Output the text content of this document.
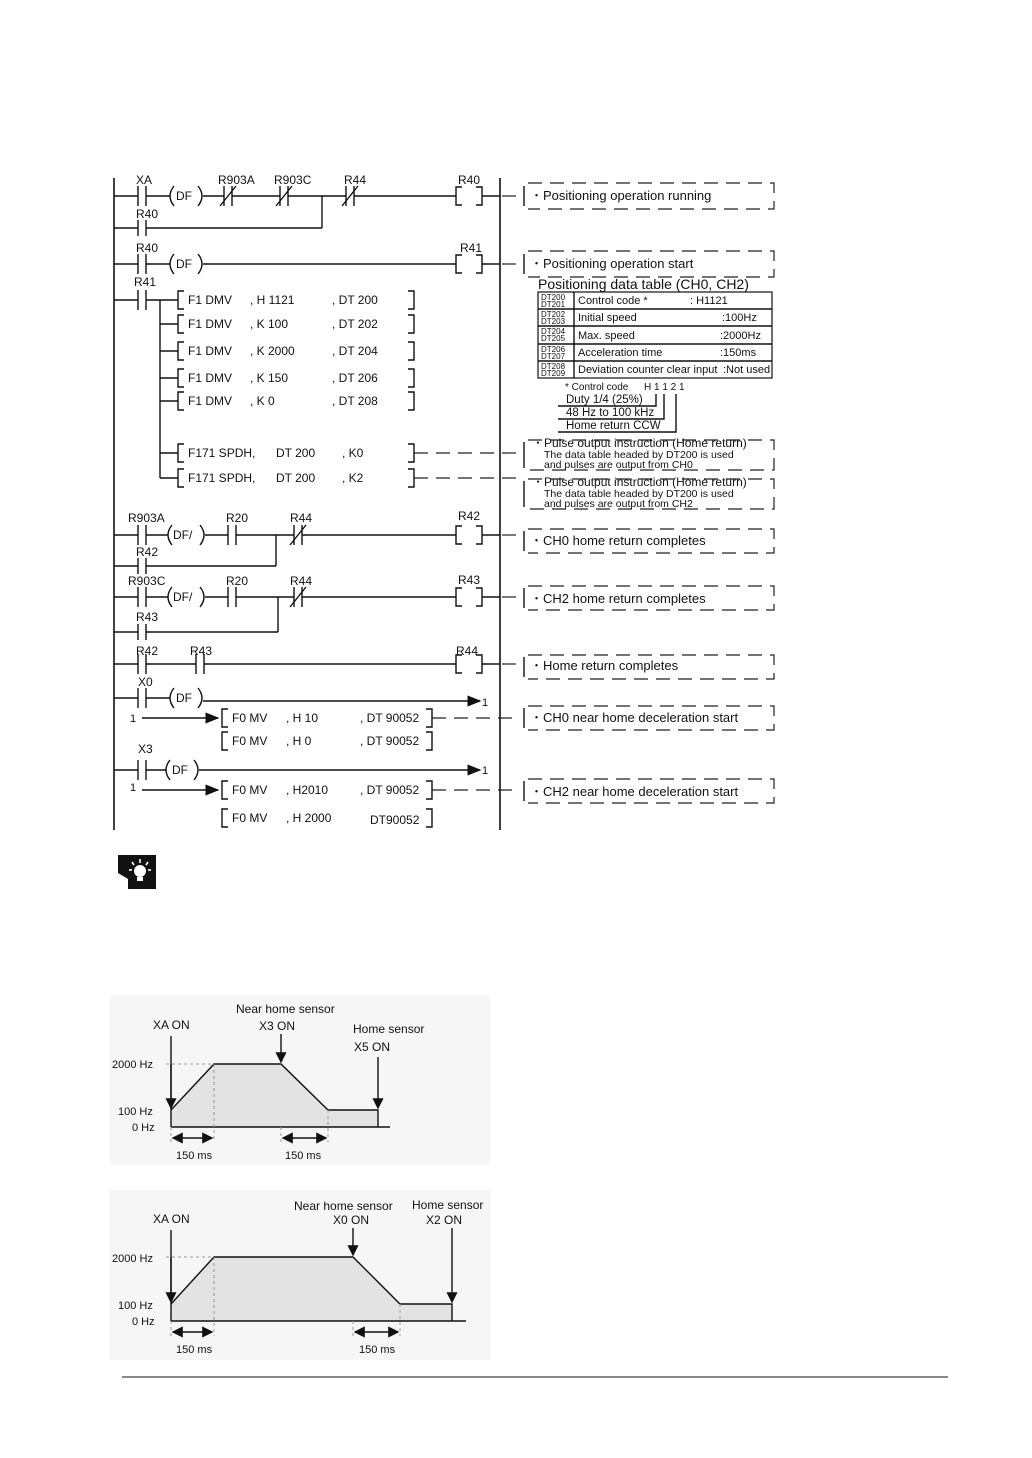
XA
DF
R903A R903C	R44	R40
R40
・Positioning operation running
R40
DF
R41
・Positioning operation start
R41
F1 DMV , H 1121	, DT 200
F1 DMV , K 100	, DT 202
F1 DMV , K 2000	, DT 204
F1 DMV , K 150	, DT 206
F1 DMV , K 0	, DT 208
F171 SPDH, DT 200 , K0
・Pulse output instruction (Home return)
The data table headed by DT200 is used
and pulses are output from CH0
F171 SPDH, DT 200 , K2	・Pulse output instruction (Home return)
The data table headed by DT200 is used
and pulses are output from CH2
Positioning data table (CH0, CH2)
DT200
DT201 Control code *	: H1121
DT202
DT203 Initial speed	:100Hz
DT204
DT205 Max. speed	:2000Hz
DT206
DT207 Acceleration time	:150ms
DT208
DT209 Deviation counter clear input :Not used
* Control code H 1 1 2 1
Duty 1/4 (25%)
48 Hz to 100 kHz
Home return CCW
R903A
DF/
R20	R44	R42
R42
・CH0 home return completes
R903C
DF/
R20	R44	R43
R43
・CH2 home return completes
R42	R43	R44
・Home return completes
X0
DF	1
1	F0 MV , H 10	, DT 90052
F0 MV , H 0	, DT 90052
・CH0 near home deceleration start
X3
DF	1
1	F0 MV , H2010	, DT 90052
F0 MV , H 2000	DT90052
・CH2 near home deceleration start
XA ON
Near home sensor
X3 ON	Home sensor
X5 ON
2000 Hz
100 Hz
0 Hz
150 ms	150 ms
XA ON
Near home sensor
X0 ON
Home sensor
X2 ON
2000 Hz
100 Hz
0 Hz
150 ms	150 ms
